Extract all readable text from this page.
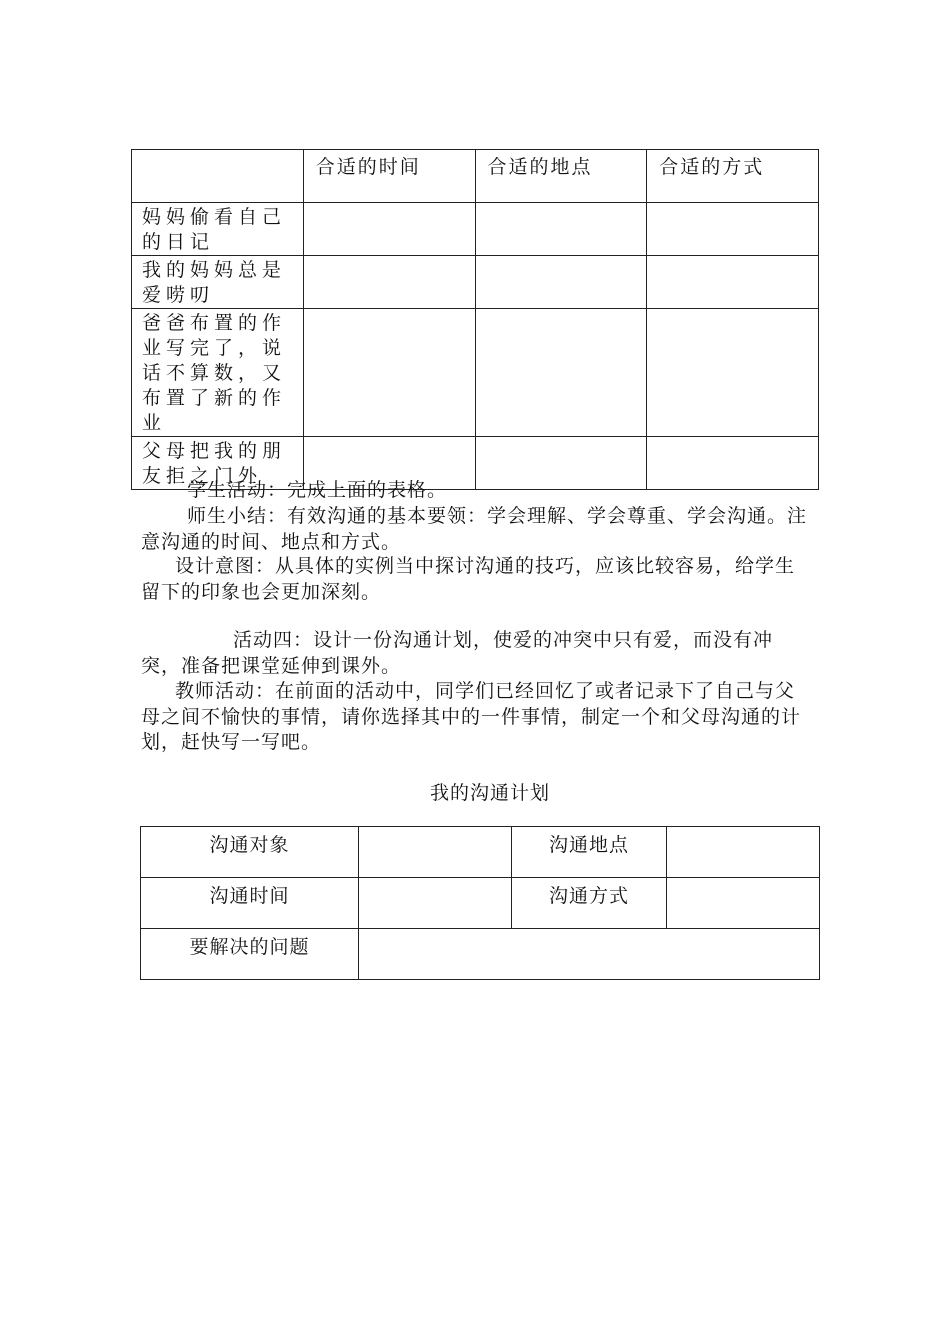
	合适的时间	合适的地点	合适的方式
妈妈偷看自己的日记			
我的妈妈总是爱唠叨			
爸爸布置的作业写完了，说话不算数，又布置了新的作业			
父母把我的朋友拒之门外			

学生活动：完成上面的表格。

师生小结：有效沟通的基本要领：学会理解、学会尊重、学会沟通。注意沟通的时间、地点和方式。

设计意图：从具体的实例当中探讨沟通的技巧，应该比较容易，给学生留下的印象也会更加深刻。

活动四：设计一份沟通计划，使爱的冲突中只有爱，而没有冲突，准备把课堂延伸到课外。

教师活动：在前面的活动中，同学们已经回忆了或者记录下了自己与父母之间不愉快的事情，请你选择其中的一件事情，制定一个和父母沟通的计划，赶快写一写吧。

我的沟通计划
沟通对象		沟通地点	
沟通时间		沟通方式	
要解决的问题			
